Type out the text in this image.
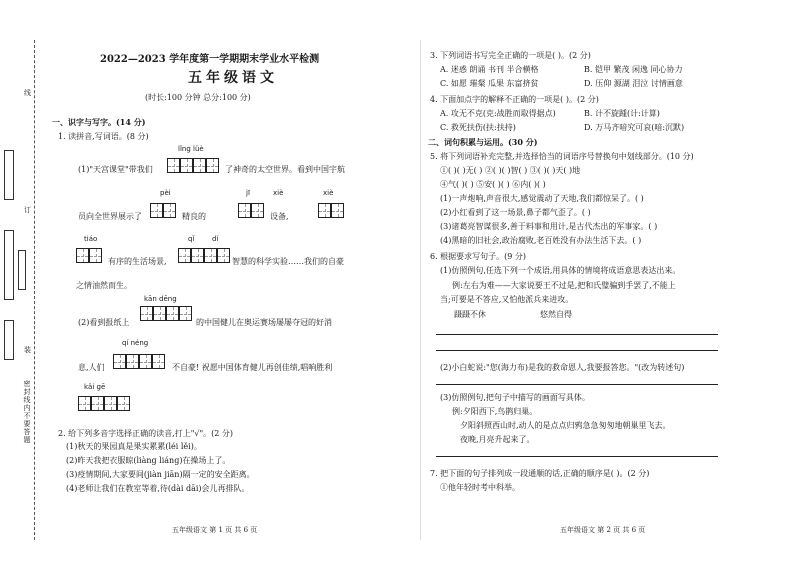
密封线内不要答题
线
订
装
2022—2023 学年度第一学期期末学业水平检测
五年级语文
(时长:100 分钟 总分:100 分)
一、识字与写字。(14 分)
1. 读拼音,写词语。(8 分)
lǐng lüè
(1)"天宫课堂"带我们	了神奇的太空世界。看到中国宇航
pèi	jī	xiè	xiè
员向全世界展示了	精良的	设备,
tiáo	qǐ	dí
有序的生活场景,	智慧的科学实验……我们的自豪
之情油然而生。
kān dēng
(2)看到报纸上	的中国健儿在奥运赛场屡屡夺冠的好消
qí néng
息,人们	不自豪! 祝愿中国体育健儿再创佳绩,唱响胜利
kǎi gē
2. 给下列多音字选择正确的读音,打上"√"。(2 分)
(1)秋天的果园真是果实累累(léi lěi)。
(2)昨天我把衣服晾(liàng liáng)在操场上了。
(3)疫情期间,大家要间(jiàn jiān)隔一定的安全距离。
(4)老师让我们在教室等着,待(dài dāi)会儿再排队。
五年级语文 第 1 页 共 6 页
3. 下列词语书写完全正确的一项是( )。(2 分)
A. 迷惑 朗诵 书刊 半合横格	B. 铠甲 繁茂 闲逸 同心协力
C. 如愿 璀粲 瓜果 东富挤贫	D. 压仰 源湖 泪泣 讨情画意
4. 下面加点字的解释不正确的一项是( )。(2 分)
A. 攻无不克(克:战胜而取得据点)	B. 计不旋踵(计:计算)
C. 救死扶伤(扶:扶持)	D. 万马齐喑究可哀(喑:沉默)
二、词句积累与运用。(30 分)
5. 将下列词语补充完整,并选择恰当的词语序号替换句中划线部分。(10 分)
①( )( )无( ) ②( )( )智( ) ③( )( )天( )地
④气( )( ) ⑤安( )( ) ⑥内( )( )
(1)一声炮响,声音很大,感觉震动了天地,我们都惊呆了。( )
(2)小红看到了这一场景,鼻子都气歪了。( )
(3)诸葛亮智谋很多,善于料事和用计,是古代杰出的军事家。( )
(4)黑暗的旧社会,政治腐败,老百姓没有办法生活下去。( )
6. 根据要求写句子。(9 分)
(1)仿照例句,任选下列一个成语,用具体的情境将成语意思表达出来。
例:左右为难——大家说要王不过是,把和氏璧骗到手罢了,不能上
当;可要是不答应,又怕他派兵来进攻。
蹑蹑不休	悠然自得
(2)小白蛇说:"您(海力布)是我的救命恩人,我要报答您。"(改为转述句)
(3)仿照例句,把句子中描写的画面写具体。
例:夕阳西下,鸟鹊归巢。
夕阳斜照西山时,动人的是点点归鸦急急匆匆地朝巢里飞去。
夜晚,月亮升起来了。
7. 把下面的句子排列成一段通顺的话,正确的顺序是( )。(2 分)
①他年轻时考中科举。
五年级语文 第 2 页 共 6 页
